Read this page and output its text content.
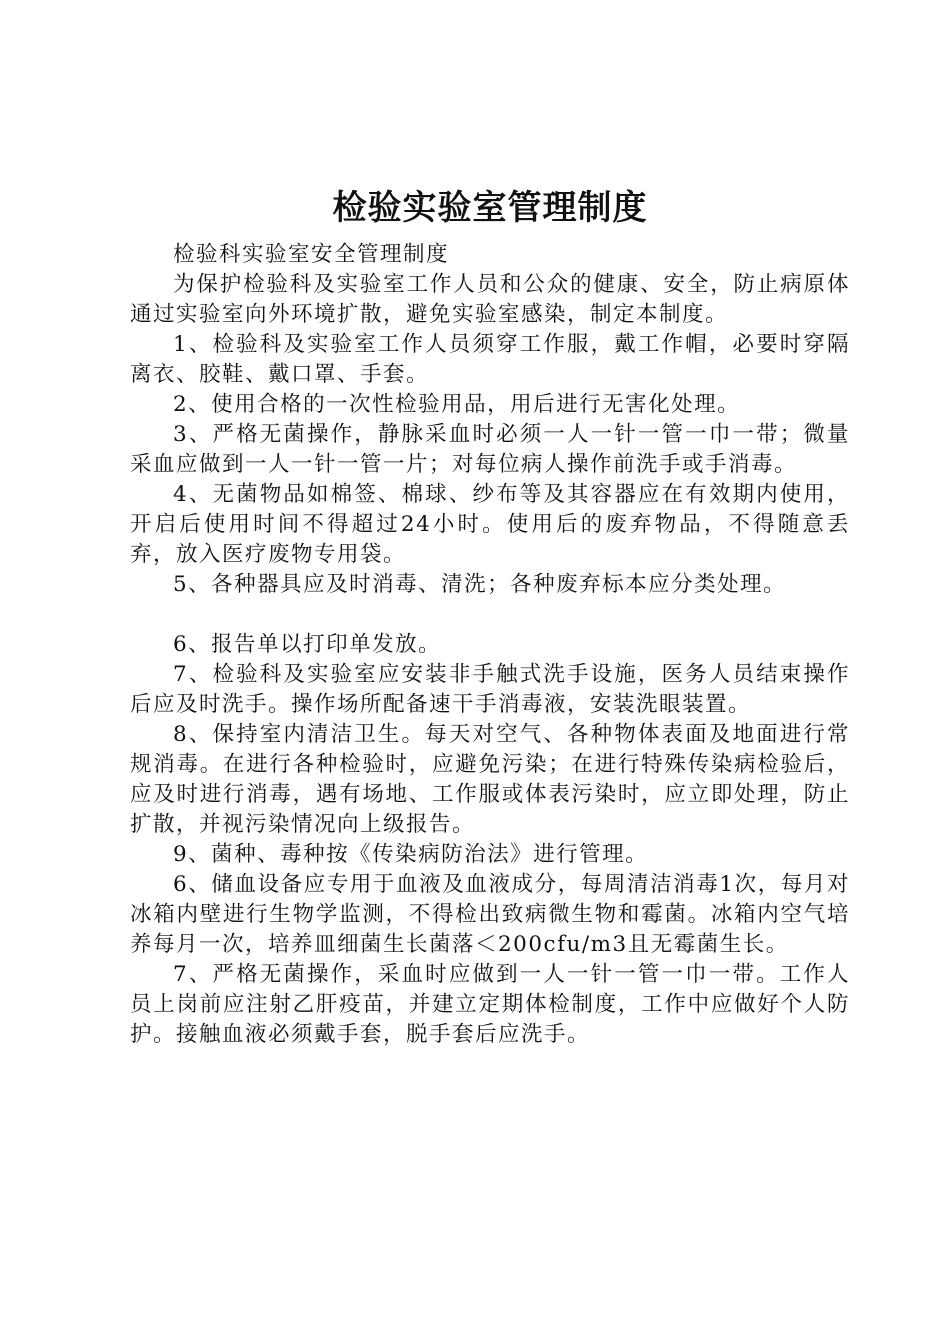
检验实验室管理制度

检验科实验室安全管理制度

为保护检验科及实验室工作人员和公众的健康、安全，防止病原体通过实验室向外环境扩散，避免实验室感染，制定本制度。

1、检验科及实验室工作人员须穿工作服，戴工作帽，必要时穿隔离衣、胶鞋、戴口罩、手套。

2、使用合格的一次性检验用品，用后进行无害化处理。

3、严格无菌操作，静脉采血时必须一人一针一管一巾一带；微量采血应做到一人一针一管一片；对每位病人操作前洗手或手消毒。

4、无菌物品如棉签、棉球、纱布等及其容器应在有效期内使用，开启后使用时间不得超过24小时。使用后的废弃物品，不得随意丢弃，放入医疗废物专用袋。

5、各种器具应及时消毒、清洗；各种废弃标本应分类处理。

6、报告单以打印单发放。

7、检验科及实验室应安装非手触式洗手设施，医务人员结束操作后应及时洗手。操作场所配备速干手消毒液，安装洗眼装置。

8、保持室内清洁卫生。每天对空气、各种物体表面及地面进行常规消毒。在进行各种检验时，应避免污染；在进行特殊传染病检验后，应及时进行消毒，遇有场地、工作服或体表污染时，应立即处理，防止扩散，并视污染情况向上级报告。

9、菌种、毒种按《传染病防治法》进行管理。

6、储血设备应专用于血液及血液成分，每周清洁消毒1次，每月对冰箱内壁进行生物学监测，不得检出致病微生物和霉菌。冰箱内空气培养每月一次，培养皿细菌生长菌落＜200cfu/m3且无霉菌生长。

7、严格无菌操作，采血时应做到一人一针一管一巾一带。工作人员上岗前应注射乙肝疫苗，并建立定期体检制度，工作中应做好个人防护。接触血液必须戴手套，脱手套后应洗手。
